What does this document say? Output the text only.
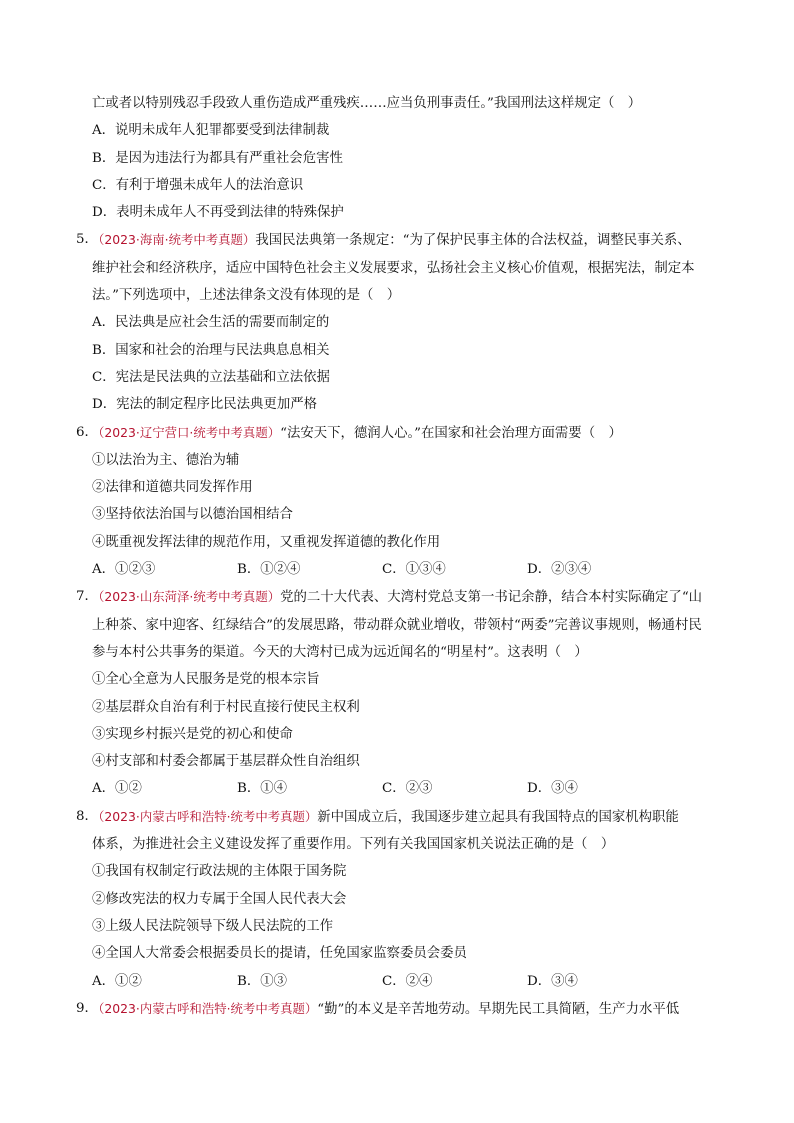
亡或者以特别残忍手段致人重伤造成严重残疾……应当负刑事责任。”我国刑法这样规定（　）
A．说明未成年人犯罪都要受到法律制裁
B．是因为违法行为都具有严重社会危害性
C．有利于增强未成年人的法治意识
D．表明未成年人不再受到法律的特殊保护
5．
（2023·海南·统考中考真题）我国民法典第一条规定：“为了保护民事主体的合法权益，调整民事关系、
维护社会和经济秩序，适应中国特色社会主义发展要求，弘扬社会主义核心价值观，根据宪法，制定本
法。”下列选项中，上述法律条文没有体现的是（　）
A．民法典是应社会生活的需要而制定的
B．国家和社会的治理与民法典息息相关
C．宪法是民法典的立法基础和立法依据
D．宪法的制定程序比民法典更加严格
6．
（2023·辽宁营口·统考中考真题）“法安天下，德润人心。”在国家和社会治理方面需要（　）
①以法治为主、德治为辅
②法律和道德共同发挥作用
③坚持依法治国与以德治国相结合
④既重视发挥法律的规范作用，又重视发挥道德的教化作用
A．①②③	B．①②④	C．①③④	D．②③④
7．
（2023·山东菏泽·统考中考真题）党的二十大代表、大湾村党总支第一书记余静，结合本村实际确定了“山
上种茶、家中迎客、红绿结合”的发展思路，带动群众就业增收，带领村“两委”完善议事规则，畅通村民
参与本村公共事务的渠道。今天的大湾村已成为远近闻名的“明星村”。这表明（　）
①全心全意为人民服务是党的根本宗旨
②基层群众自治有利于村民直接行使民主权利
③实现乡村振兴是党的初心和使命
④村支部和村委会都属于基层群众性自治组织
A．①②	B．①④	C．②③	D．③④
8．
（2023·内蒙古呼和浩特·统考中考真题）新中国成立后，我国逐步建立起具有我国特点的国家机构职能
体系，为推进社会主义建设发挥了重要作用。下列有关我国国家机关说法正确的是（　）
①我国有权制定行政法规的主体限于国务院
②修改宪法的权力专属于全国人民代表大会
③上级人民法院领导下级人民法院的工作
④全国人大常委会根据委员长的提请，任免国家监察委员会委员
A．①②	B．①③	C．②④	D．③④
9．
（2023·内蒙古呼和浩特·统考中考真题）“勤”的本义是辛苦地劳动。早期先民工具简陋，生产力水平低
